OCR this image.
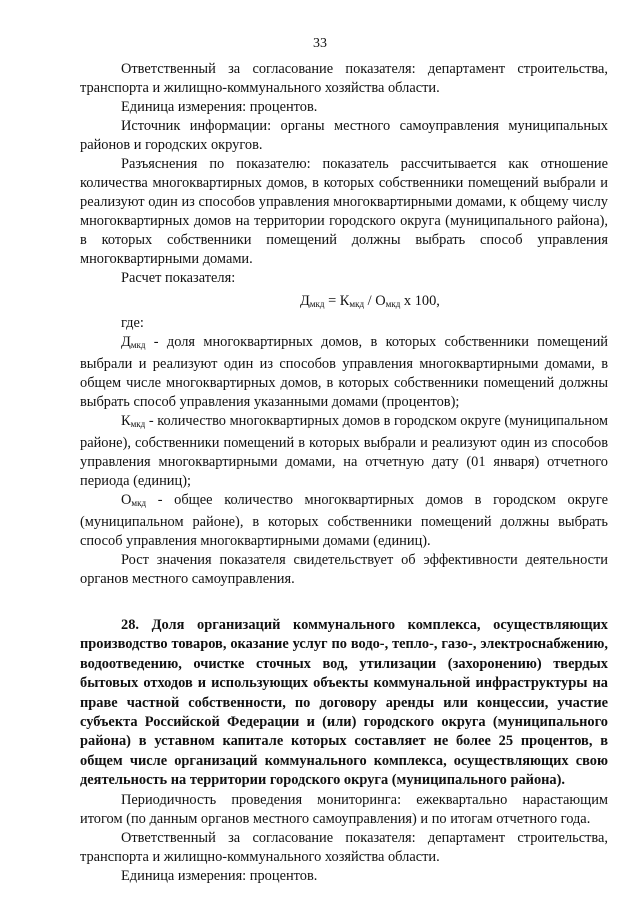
33

Ответственный за согласование показателя: департамент строительства, транспорта и жилищно-коммунального хозяйства области.

Единица измерения: процентов.

Источник информации: органы местного самоуправления муниципальных районов и городских округов.

Разъяснения по показателю: показатель рассчитывается как отношение количества многоквартирных домов, в которых собственники помещений выбрали и реализуют один из способов управления многоквартирными домами, к общему числу многоквартирных домов на территории городского округа (муниципального района), в которых собственники помещений должны выбрать способ управления многоквартирными домами.

Расчет показателя:

$Д_{мкд} = К_{мкд} / О_{мкд}$ х 100,

где:

$Д_{мкд}$ - доля многоквартирных домов, в которых собственники помещений выбрали и реализуют один из способов управления многоквартирными домами, в общем числе многоквартирных домов, в которых собственники помещений должны выбрать способ управления указанными домами (процентов);

$К_{мкд}$ - количество многоквартирных домов в городском округе (муниципальном районе), собственники помещений в которых выбрали и реализуют один из способов управления многоквартирными домами, на отчетную дату (01 января) отчетного периода (единиц);

$О_{мкд}$ - общее количество многоквартирных домов в городском округе (муниципальном районе), в которых собственники помещений должны выбрать способ управления многоквартирными домами (единиц).

Рост значения показателя свидетельствует об эффективности деятельности органов местного самоуправления.

28. Доля организаций коммунального комплекса, осуществляющих производство товаров, оказание услуг по водо-, тепло-, газо-, электроснабжению, водоотведению, очистке сточных вод, утилизации (захоронению) твердых бытовых отходов и использующих объекты коммунальной инфраструктуры на праве частной собственности, по договору аренды или концессии, участие субъекта Российской Федерации и (или) городского округа (муниципального района) в уставном капитале которых составляет не более 25 процентов, в общем числе организаций коммунального комплекса, осуществляющих свою деятельность на территории городского округа (муниципального района).

Периодичность проведения мониторинга: ежеквартально нарастающим итогом (по данным органов местного самоуправления) и по итогам отчетного года.

Ответственный за согласование показателя: департамент строительства, транспорта и жилищно-коммунального хозяйства области.

Единица измерения: процентов.
